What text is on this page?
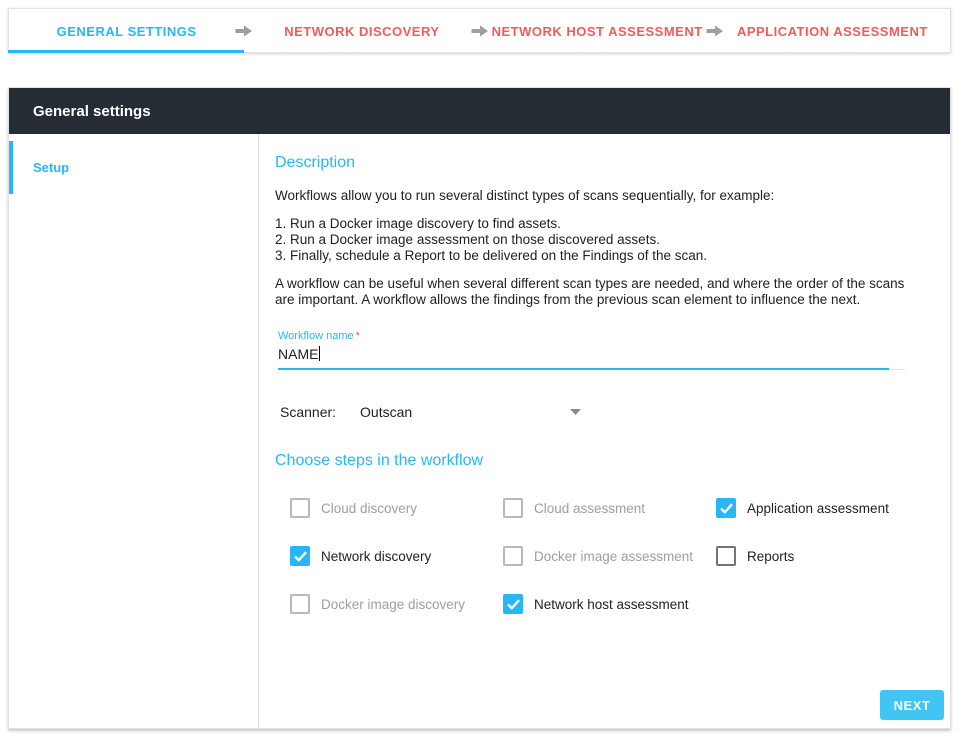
GENERAL SETTINGS	NETWORK DISCOVERY	NETWORK HOST ASSESSMENT	APPLICATION ASSESSMENT
General settings
Setup	Description

Workflows allow you to run several distinct types of scans sequentially, for example:

1. Run a Docker image discovery to find assets.
2. Run a Docker image assessment on those discovered assets.
3. Finally, schedule a Report to be delivered on the Findings of the scan.

A workflow can be useful when several different scan types are needed, and where the order of the scans are important. A workflow allows the findings from the previous scan element to influence the next.

Workflow name *
NAME
Scanner: Outscan
Choose steps in the workflow
Cloud discovery	Cloud assessment	Application assessment
Network discovery	Docker image assessment	Reports
Docker image discovery	Network host assessment
NEXT
